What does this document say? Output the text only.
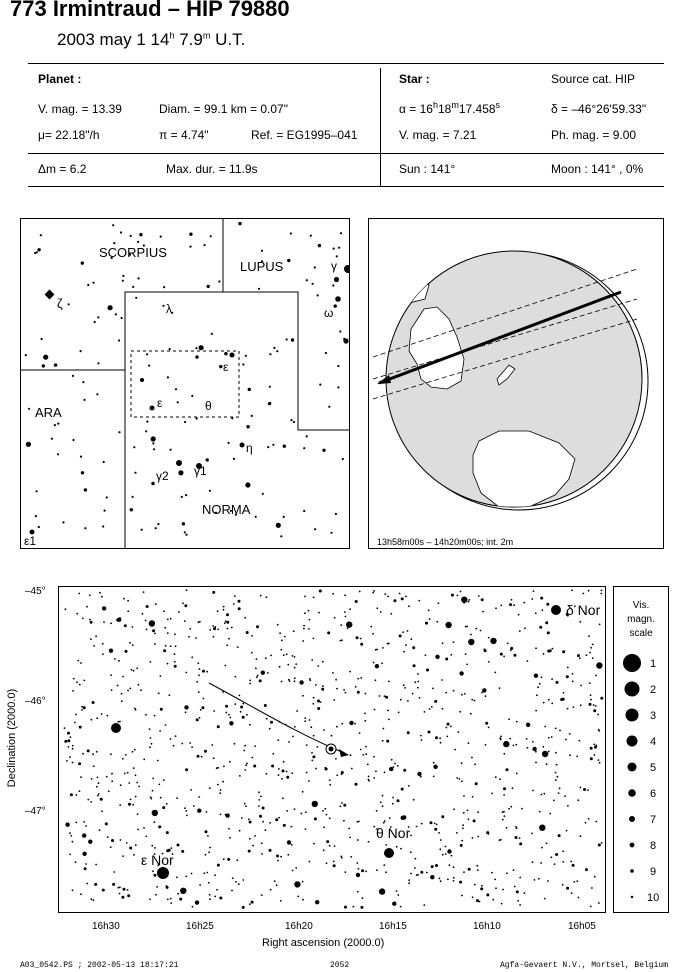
773 Irmintraud – HIP 79880
2003 may 1 14$^h$ 7.9$^m$ U.T.
Planet :
V. mag. = 13.39	Diam. = 99.1 km = 0.07"
μ= 22.18"/h	π = 4.74"	Ref. = EG1995–041
Star :	Source cat. HIP
$\alpha = 16^h18^m17.458^s$	δ = –46°26'59.33"
V. mag. = 7.21	Ph. mag. = 9.00
Δm = 6.2	Max. dur. = 11.9s	Sun : 141°	Moon : 141° , 0%
SCORPIUS
LUPUS
ARA
NORMA
ζ	λ
γ
ω
ε
ε	θ
η
γ2 γ1
ε1	13h58m00s – 14h20m00s; int. 2m
δ Nor
θ Nor
ε Nor
Declination (2000.0)
–45°
–46°
–47°
16h30	16h25	16h20	16h15	16h10	16h05
Right ascension (2000.0)
Vis.
magn.
scale
1
2
3
4
5
6
7
8
9
10
A03_0542.PS ; 2002-05-13 18:17:21	2052	Agfa-Gevaert N.V., Mortsel, Belgium
